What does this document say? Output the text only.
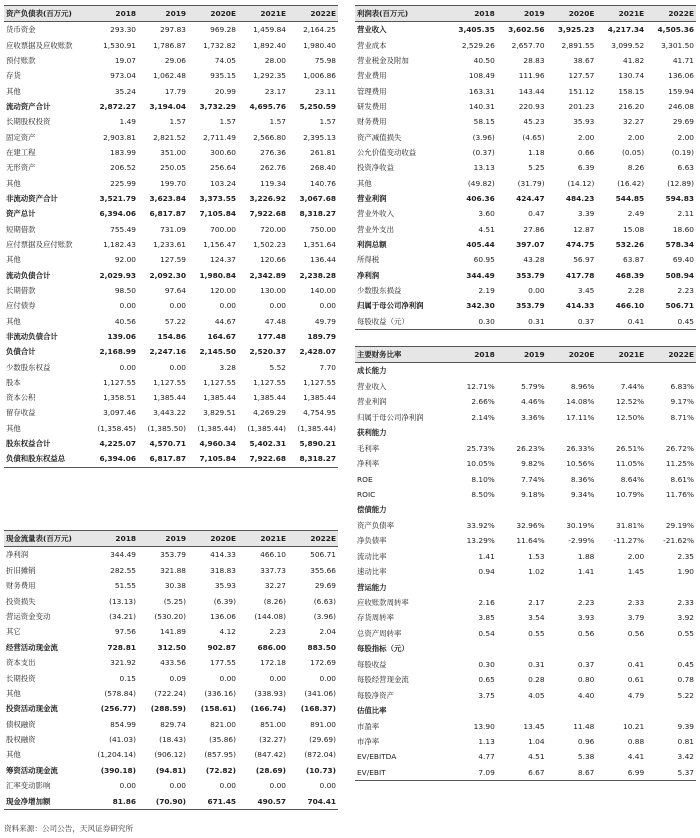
资产负债表(百万元)	2018	2019	2020E	2021E	2022E
货币资金	293.30	297.83	969.28	1,459.84	2,164.25
应收票据及应收账款	1,530.91	1,786.87	1,732.82	1,892.40	1,980.40
预付账款	19.07	29.06	74.05	28.00	75.98
存货	973.04	1,062.48	935.15	1,292.35	1,006.86
其他	35.24	17.79	20.99	23.17	23.11
流动资产合计	2,872.27	3,194.04	3,732.29	4,695.76	5,250.59
长期股权投资	1.49	1.57	1.57	1.57	1.57
固定资产	2,903.81	2,821.52	2,711.49	2,566.80	2,395.13
在建工程	183.99	351.00	300.60	276.36	261.81
无形资产	206.52	250.05	256.64	262.76	268.40
其他	225.99	199.70	103.24	119.34	140.76
非流动资产合计	3,521.79	3,623.84	3,373.55	3,226.92	3,067.68
资产总计	6,394.06	6,817.87	7,105.84	7,922.68	8,318.27
短期借款	755.49	731.09	700.00	720.00	750.00
应付票据及应付账款	1,182.43	1,233.61	1,156.47	1,502.23	1,351.64
其他	92.00	127.59	124.37	120.66	136.44
流动负债合计	2,029.93	2,092.30	1,980.84	2,342.89	2,238.28
长期借款	98.50	97.64	120.00	130.00	140.00
应付债券	0.00	0.00	0.00	0.00	0.00
其他	40.56	57.22	44.67	47.48	49.79
非流动负债合计	139.06	154.86	164.67	177.48	189.79
负债合计	2,168.99	2,247.16	2,145.50	2,520.37	2,428.07
少数股东权益	0.00	0.00	3.28	5.52	7.70
股本	1,127.55	1,127.55	1,127.55	1,127.55	1,127.55
资本公积	1,358.51	1,385.44	1,385.44	1,385.44	1,385.44
留存收益	3,097.46	3,443.22	3,829.51	4,269.29	4,754.95
其他	(1,358.45)	(1,385.50)	(1,385.44)	(1,385.44)	(1,385.44)
股东权益合计	4,225.07	4,570.71	4,960.34	5,402.31	5,890.21
负债和股东权益总	6,394.06	6,817.87	7,105.84	7,922.68	8,318.27
利润表(百万元)	2018	2019	2020E	2021E	2022E
营业收入	3,405.35	3,602.56	3,925.23	4,217.34	4,505.36
营业成本	2,529.26	2,657.70	2,891.55	3,099.52	3,301.50
营业税金及附加	40.50	28.83	38.67	41.82	41.71
营业费用	108.49	111.96	127.57	130.74	136.06
管理费用	163.31	143.44	151.12	158.15	159.94
研发费用	140.31	220.93	201.23	216.20	246.08
财务费用	58.15	45.23	35.93	32.27	29.69
资产减值损失	(3.96)	(4.65)	2.00	2.00	2.00
公允价值变动收益	(0.37)	1.18	0.66	(0.05)	(0.19)
投资净收益	13.13	5.25	6.39	8.26	6.63
其他	(49.82)	(31.79)	(14.12)	(16.42)	(12.89)
营业利润	406.36	424.47	484.23	544.85	594.83
营业外收入	3.60	0.47	3.39	2.49	2.11
营业外支出	4.51	27.86	12.87	15.08	18.60
利润总额	405.44	397.07	474.75	532.26	578.34
所得税	60.95	43.28	56.97	63.87	69.40
净利润	344.49	353.79	417.78	468.39	508.94
少数股东损益	2.19	0.00	3.45	2.28	2.23
归属于母公司净利润	342.30	353.79	414.33	466.10	506.71
每股收益（元）	0.30	0.31	0.37	0.41	0.45
主要财务比率	2018	2019	2020E	2021E	2022E
成长能力					
营业收入	12.71%	5.79%	8.96%	7.44%	6.83%
营业利润	2.66%	4.46%	14.08%	12.52%	9.17%
归属于母公司净利润	2.14%	3.36%	17.11%	12.50%	8.71%
获利能力					
毛利率	25.73%	26.23%	26.33%	26.51%	26.72%
净利率	10.05%	9.82%	10.56%	11.05%	11.25%
ROE	8.10%	7.74%	8.36%	8.64%	8.61%
ROIC	8.50%	9.18%	9.34%	10.79%	11.76%
偿债能力					
资产负债率	33.92%	32.96%	30.19%	31.81%	29.19%
净负债率	13.29%	11.64%	-2.99%	-11.27%	-21.62%
流动比率	1.41	1.53	1.88	2.00	2.35
速动比率	0.94	1.02	1.41	1.45	1.90
营运能力					
应收账款周转率	2.16	2.17	2.23	2.33	2.33
存货周转率	3.85	3.54	3.93	3.79	3.92
总资产周转率	0.54	0.55	0.56	0.56	0.55
每股指标（元）					
每股收益	0.30	0.31	0.37	0.41	0.45
每股经营现金流	0.65	0.28	0.80	0.61	0.78
每股净资产	3.75	4.05	4.40	4.79	5.22
估值比率					
市盈率	13.90	13.45	11.48	10.21	9.39
市净率	1.13	1.04	0.96	0.88	0.81
EV/EBITDA	4.77	4.51	5.38	4.41	3.42
EV/EBIT	7.09	6.67	8.67	6.99	5.37
现金流量表(百万元)	2018	2019	2020E	2021E	2022E
净利润	344.49	353.79	414.33	466.10	506.71
折旧摊销	282.55	321.88	318.83	337.73	355.66
财务费用	51.55	30.38	35.93	32.27	29.69
投资损失	(13.13)	(5.25)	(6.39)	(8.26)	(6.63)
营运资金变动	(34.21)	(530.20)	136.06	(144.08)	(3.96)
其它	97.56	141.89	4.12	2.23	2.04
经营活动现金流	728.81	312.50	902.87	686.00	883.50
资本支出	321.92	433.56	177.55	172.18	172.69
长期投资	0.15	0.09	0.00	0.00	0.00
其他	(578.84)	(722.24)	(336.16)	(338.93)	(341.06)
投资活动现金流	(256.77)	(288.59)	(158.61)	(166.74)	(168.37)
债权融资	854.99	829.74	821.00	851.00	891.00
股权融资	(41.03)	(18.43)	(35.86)	(32.27)	(29.69)
其他	(1,204.14)	(906.12)	(857.95)	(847.42)	(872.04)
筹资活动现金流	(390.18)	(94.81)	(72.82)	(28.69)	(10.73)
汇率变动影响	0.00	0.00	0.00	0.00	0.00
现金净增加额	81.86	(70.90)	671.45	490.57	704.41
资料来源：公司公告，天风证券研究所
